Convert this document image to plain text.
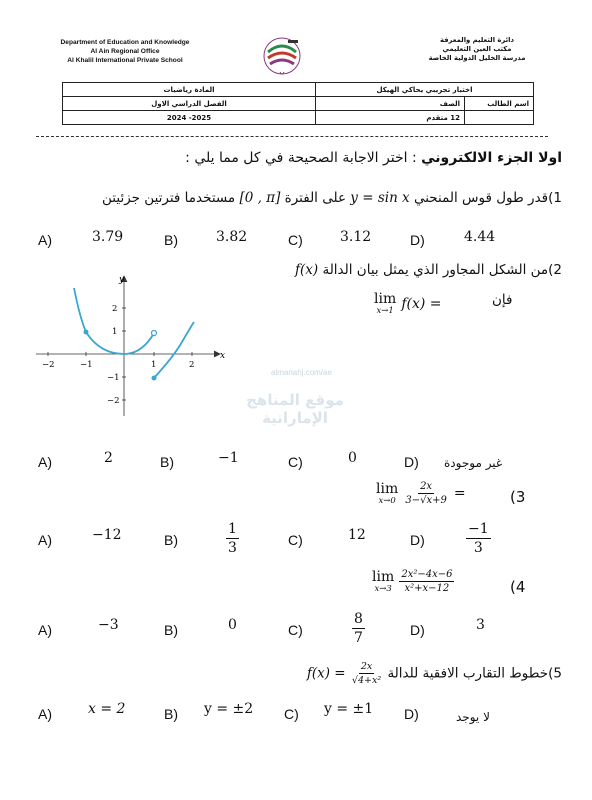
Department of Education and Knowledge
Al Ain Regional Office
Al Khalil International Private School
دائرة التعليم والمعرفة
مكتب العين التعليمي
مدرسة الخليل الدولية الخاصة
اختبار تجريبي يحاكي الهيكل		المادة رياضيات
اسم الطالب	الصف	الفصل الدراسي الاول
	12 متقدم	2025- 2024
اولا الجزء الالكتروني : اختر الاجابة الصحيحة في كل مما يلي :
1)قدر طول قوس المنحني y = sin x على الفترة [0 , π] مستخدما فترتين جزئيتن
A)	3.79	B)	3.82	C)	3.12	D)	4.44
2)من الشكل المجاور الذي يمثل بيان الدالة f(x)
lim
x→1 f(x) =	فإن
x
y
−2	−1	1	2
2
1
−1
−2
almanahj.com/ae
موقع المناهج الإماراتية
A)	2	B)	−1	C)	0	D) غير موجودة
lim
x→0
$\frac{2x}{3-√x+9}$ =	(3
A)	−12	B)	$\frac{1}{3}$	C)	12	D)	$\frac{-1}{3}$
lim
x→3
$\frac{\text{2x²−4x−6}}{\text{x²+x−12}}$	(4
A)	−3	B)	0	C)	$\frac{8}{7}$	D)	3
5)خطوط التقارب الافقية للدالة $f(x) = \frac{2x}{\text{√4+x²}}$
A)	x = 2	B) y = ±2 C) y = ±1 D)	لا يوجد
